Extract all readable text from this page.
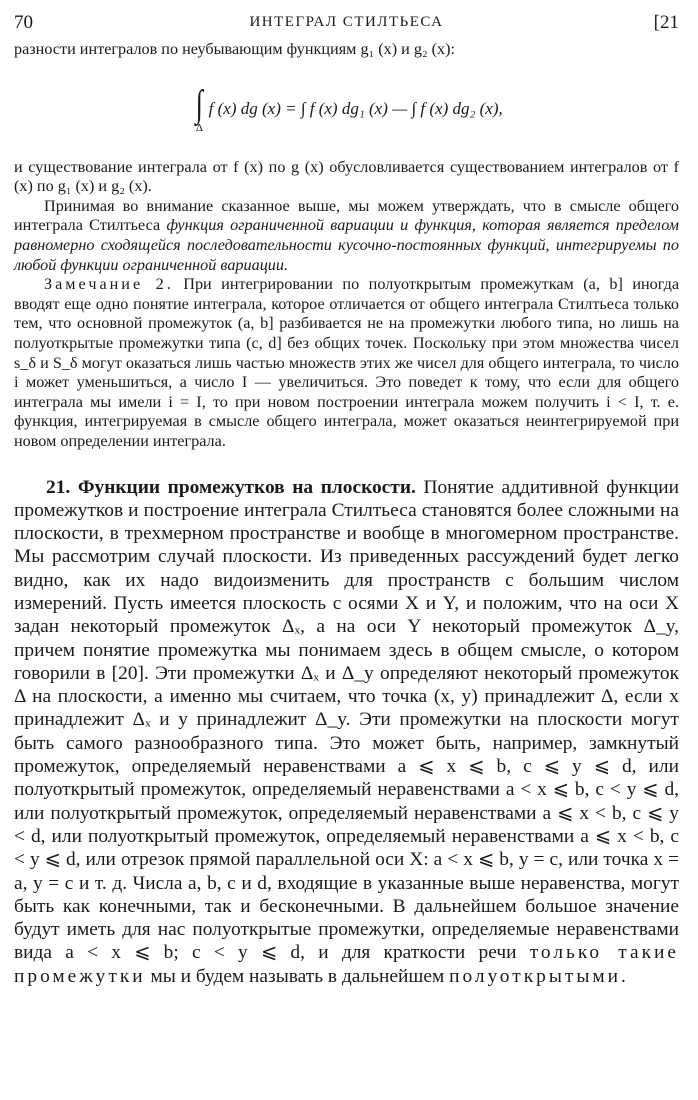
70	ИНТЕГРАЛ СТИЛТЬЕСА	[21

разности интегралов по неубывающим функциям g₁ (x) и g₂ (x):

∫
Δ
f (x) dg (x) = ∫ f (x) dg₁ (x) — ∫ f (x) dg₂ (x),

и существование интеграла от f (x) по g (x) обусловливается существованием интегралов от f (x) по g₁ (x) и g₂ (x).

Принимая во внимание сказанное выше, мы можем утверждать, что в смысле общего интеграла Стилтьеса функция ограниченной вариации и функция, которая является пределом равномерно сходящейся последовательности кусочно-постоянных функций, интегрируемы по любой функции ограниченной вариации.

Замечание 2. При интегрировании по полуоткрытым промежуткам (a, b] иногда вводят еще одно понятие интеграла, которое отличается от общего интеграла Стилтьеса только тем, что основной промежуток (a, b] разбивается не на промежутки любого типа, но лишь на полуоткрытые промежутки типа (c, d] без общих точек. Поскольку при этом множества чисел s_δ и S_δ могут оказаться лишь частью множеств этих же чисел для общего интеграла, то число i может уменьшиться, а число I — увеличиться. Это поведет к тому, что если для общего интеграла мы имели i = I, то при новом построении интеграла можем получить i < I, т. е. функция, интегрируемая в смысле общего интеграла, может оказаться неинтегрируемой при новом определении интеграла.

21. Функции промежутков на плоскости. Понятие аддитивной функции промежутков и построение интеграла Стилтьеса становятся более сложными на плоскости, в трехмерном пространстве и вообще в многомерном пространстве. Мы рассмотрим случай плоскости. Из приведенных рассуждений будет легко видно, как их надо видоизменить для пространств с большим числом измерений. Пусть имеется плоскость с осями X и Y, и положим, что на оси X задан некоторый промежуток Δₓ, а на оси Y некоторый промежуток Δ_y, причем понятие промежутка мы понимаем здесь в общем смысле, о котором говорили в [20]. Эти промежутки Δₓ и Δ_y определяют некоторый промежуток Δ на плоскости, а именно мы считаем, что точка (x, y) принадлежит Δ, если x принадлежит Δₓ и y принадлежит Δ_y. Эти промежутки на плоскости могут быть самого разнообразного типа. Это может быть, например, замкнутый промежуток, определяемый неравенствами a ⩽ x ⩽ b, c ⩽ y ⩽ d, или полуоткрытый промежуток, определяемый неравенствами a < x ⩽ b, c < y ⩽ d, или полуоткрытый промежуток, определяемый неравенствами a ⩽ x < b, c ⩽ y < d, или полуоткрытый промежуток, определяемый неравенствами a ⩽ x < b, c < y ⩽ d, или отрезок прямой параллельной оси X: a < x ⩽ b, y = c, или точка x = a, y = c и т. д. Числа a, b, c и d, входящие в указанные выше неравенства, могут быть как конечными, так и бесконечными. В дальнейшем большое значение будут иметь для нас полуоткрытые промежутки, определяемые неравенствами вида a < x ⩽ b; c < y ⩽ d, и для краткости речи только такие промежутки мы и будем называть в дальнейшем полуоткрытыми.
